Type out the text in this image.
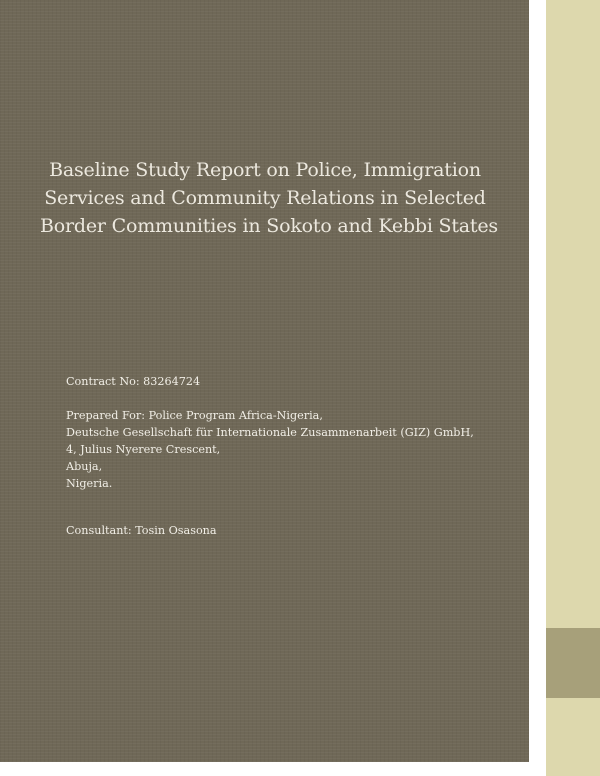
Baseline Study Report on Police, Immigration
Services and Community Relations in Selected
Border Communities in Sokoto and Kebbi States
Contract No: 83264724
Prepared For: Police Program Africa-Nigeria,
Deutsche Gesellschaft für Internationale Zusammenarbeit (GIZ) GmbH,
4, Julius Nyerere Crescent,
Abuja,
Nigeria.
Consultant: Tosin Osasona
